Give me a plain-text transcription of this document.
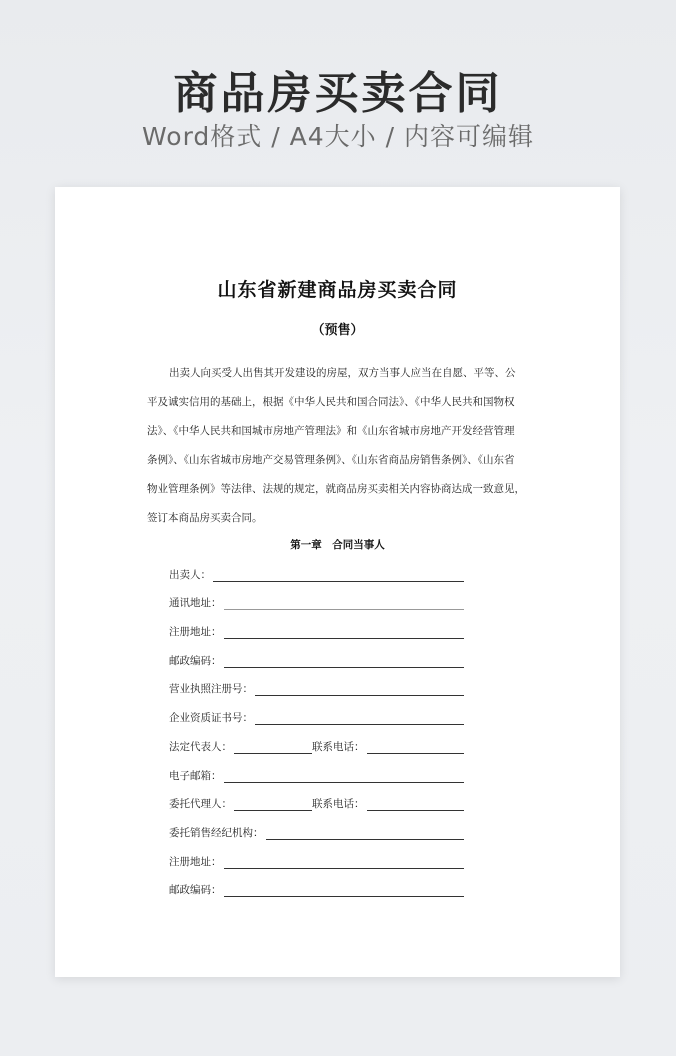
商品房买卖合同

Word格式 / A4大小 / 内容可编辑

山东省新建商品房买卖合同

（预售）

出卖人向买受人出售其开发建设的房屋，双方当事人应当在自愿、平等、公

平及诚实信用的基础上，根据《中华人民共和国合同法》、《中华人民共和国物权

法》、《中华人民共和国城市房地产管理法》和《山东省城市房地产开发经营管理

条例》、《山东省城市房地产交易管理条例》、《山东省商品房销售条例》、《山东省

物业管理条例》等法律、法规的规定，就商品房买卖相关内容协商达成一致意见，

签订本商品房买卖合同。

第一章　合同当事人

出卖人：
通讯地址：
注册地址：
邮政编码：
营业执照注册号：
企业资质证书号：
法定代表人：	联系电话：
电子邮箱：
委托代理人：	联系电话：
委托销售经纪机构：
注册地址：
邮政编码：
